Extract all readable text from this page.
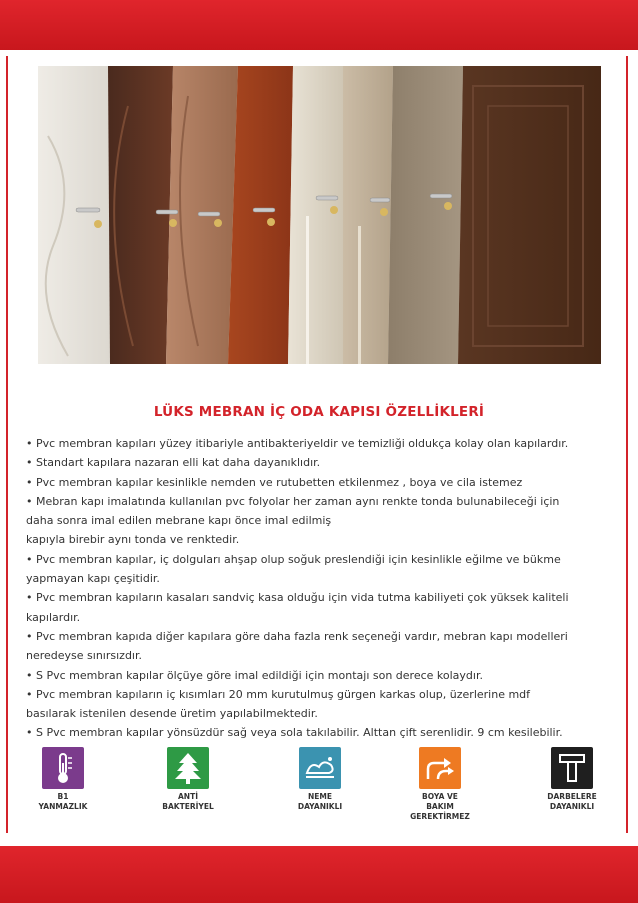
LÜKS MEBRAN İÇ ODA KAPISI ÖZELLİKLERİ

• Pvc membran kapıları yüzey itibariyle antibakteriyeldir ve temizliği oldukça kolay olan kapılardır.

• Standart kapılara nazaran elli kat daha dayanıklıdır.

• Pvc membran kapılar kesinlikle nemden ve rutubetten etkilenmez , boya ve cila istemez

• Mebran kapı imalatında kullanılan pvc folyolar her zaman aynı renkte tonda bulunabileceği için

daha sonra imal edilen mebrane kapı önce imal edilmiş

kapıyla birebir aynı tonda ve renktedir.

• Pvc membran kapılar, iç dolguları ahşap olup soğuk preslendiği için kesinlikle eğilme ve bükme

yapmayan kapı çeşitidir.

• Pvc membran kapıların kasaları sandviç kasa olduğu için vida tutma kabiliyeti çok yüksek kaliteli

kapılardır.

• Pvc membran kapıda diğer kapılara göre daha fazla renk seçeneği vardır, mebran kapı modelleri

neredeyse sınırsızdır.

• S Pvc membran kapılar ölçüye göre imal edildiği için montajı son derece kolaydır.

• Pvc membran kapıların iç kısımları 20 mm kurutulmuş gürgen karkas olup, üzerlerine mdf

basılarak istenilen desende üretim yapılabilmektedir.

• S Pvc membran kapılar yönsüzdür sağ veya sola takılabilir. Alttan çift serenlidir. 9 cm kesilebilir.

B1
YANMAZLIK
ANTİ
BAKTERİYEL
NEME
DAYANIKLI
BOYA VE
BAKIM
GEREKTİRMEZ
DARBELERE
DAYANIKLI
